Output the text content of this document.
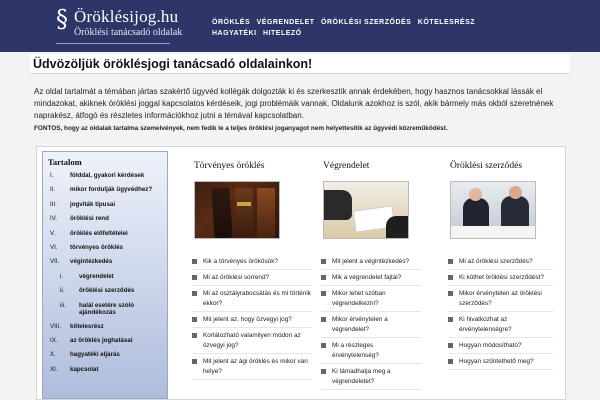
§ Öröklésijog.hu
Öröklési tanácsadó oldalak
ÖRÖKLÉS VÉGRENDELET ÖRÖKLÉSI SZERZŐDÉS KÖTELESRÉSZ HAGYATÉKI HITELEZŐ
Üdvözöljük öröklésjogi tanácsadó oldalainkon!

Az oldal tartalmát a témában jártas szakértő ügyvéd kollégák dolgozták ki és szerkesztik annak érdekében, hogy hasznos tanácsokkal lássák el mindazokat, akiknek öröklési joggal kapcsolatos kérdéseik, jogi problémáik vannak. Oldalunk azokhoz is szól, akik bármely más okból szeretnének naprakész, átfogó és részletes információkhoz jutni a témával kapcsolatban.

FONTOS, hogy az oldalak tartalma szemelvények, nem fedik le a teljes öröklési joganyagot nem helyettesítik az ügyvédi közreműködést.

Tartalom
I.	földdal, gyakori kérdések
II.	mikor fordulják ügyvédhez?
III.	jogviták típusai
IV.	öröklési rend
V.	öröklés előfeltételei
VI.	törvényes öröklés
VII.	végintézkedés
i.	végrendelet
ii.	öröklési szerződés
iii.	halál esetére szóló ajándékozás
VIII.	kötelesrész
IX.	az öröklés joghatásai
X.	hagyatéki eljárás
XI.	kapcsolat
Törvényes öröklés
Kik a törvényes örökösök?
Mi az öröklési sorrend?
Mi az osztályrabocsátás és mi történik ekkor?
Mit jelent az, hogy özvegyi jog?
Korlátozható valamilyen módon az özvegyi jog?
Mit jelent az ági öröklés és mikor van helye?
Végrendelet
Mit jelent a végintézkedés?
Mik a végrendelet fajtái?
Mikor lehet szóban végrendelkezni?
Mikor érvénytelen a végrendelet?
Mi a részleges érvénytelenség?
Ki támadhatja meg a végrendeletet?
Öröklési szerződés
Mi az öröklési szerződés?
Ki köthet öröklési szerződést?
Mikor érvénytelen az öröklési szerződés?
Ki hivatkozhat az érvénytelenségre?
Hogyan módosítható?
Hogyan szűntethető meg?
